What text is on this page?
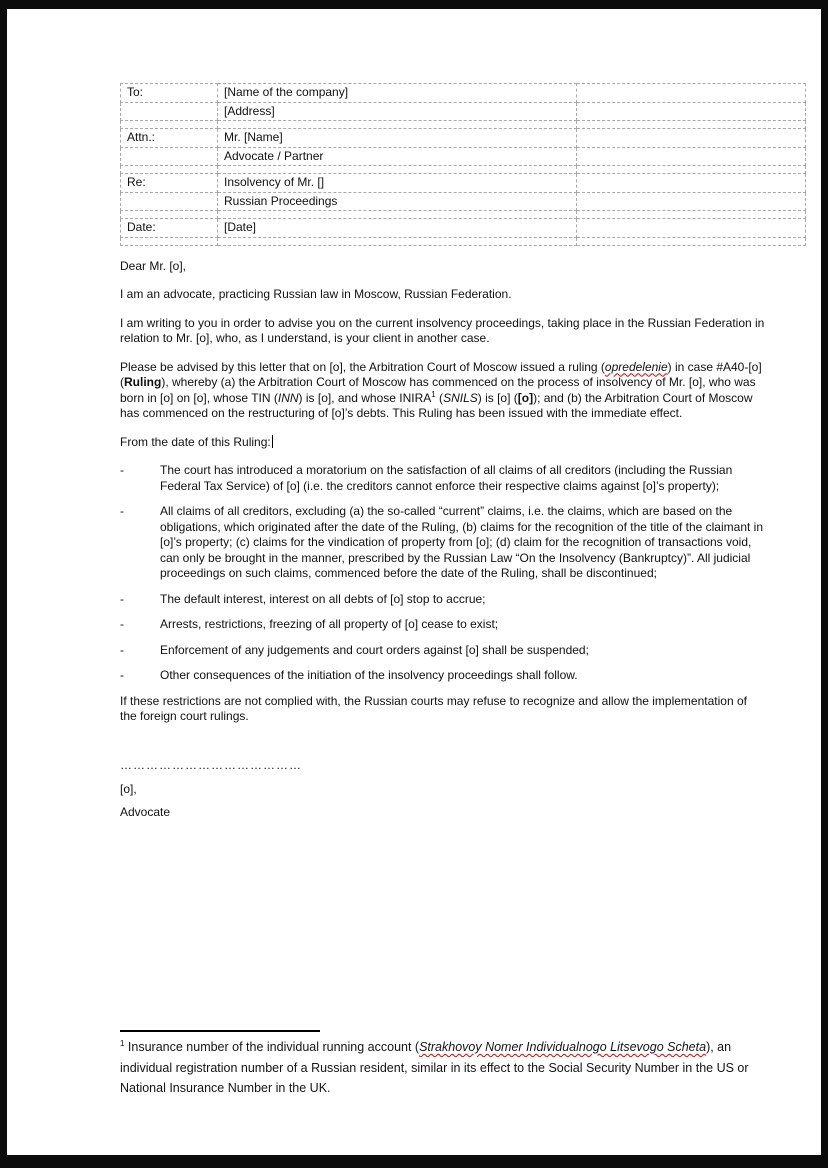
To:	[Name of the company]	
	[Address]	

Attn.:	Mr. [Name]	
	Advocate / Partner	

Re:	Insolvency of Mr. []	
	Russian Proceedings	

Date:	[Date]	

Dear Mr. [o],

I am an advocate, practicing Russian law in Moscow, Russian Federation.

I am writing to you in order to advise you on the current insolvency proceedings, taking place in the Russian Federation in relation to Mr. [o], who, as I understand, is your client in another case.

Please be advised by this letter that on [o], the Arbitration Court of Moscow issued a ruling (opredelenie) in case #A40-[o] (Ruling), whereby (a) the Arbitration Court of Moscow has commenced on the process of insolvency of Mr. [o], who was born in [o] on [o], whose TIN (INN) is [o], and whose INIRA$^1$ (SNILS) is [o] ([o]); and (b) the Arbitration Court of Moscow has commenced on the restructuring of [o]’s debts. This Ruling has been issued with the immediate effect.

From the date of this Ruling:

-	The court has introduced a moratorium on the satisfaction of all claims of all creditors (including the Russian Federal Tax Service) of [o] (i.e. the creditors cannot enforce their respective claims against [o]’s property);
-	All claims of all creditors, excluding (a) the so-called “current” claims, i.e. the claims, which are based on the obligations, which originated after the date of the Ruling, (b) claims for the recognition of the title of the claimant in [o]’s property; (c) claims for the vindication of property from [o]; (d) claim for the recognition of transactions void, can only be brought in the manner, prescribed by the Russian Law “On the Insolvency (Bankruptcy)”. All judicial proceedings on such claims, commenced before the date of the Ruling, shall be discontinued;
-	The default interest, interest on all debts of [o] stop to accrue;
-	Arrests, restrictions, freezing of all property of [o] cease to exist;
-	Enforcement of any judgements and court orders against [o] shall be suspended;
-	Other consequences of the initiation of the insolvency proceedings shall follow.

If these restrictions are not complied with, the Russian courts may refuse to recognize and allow the implementation of the foreign court rulings.

……………………………………

[o],

Advocate

$^1$ Insurance number of the individual running account (Strakhovoy Nomer Individualnogo Litsevogo Scheta), an individual registration number of a Russian resident, similar in its effect to the Social Security Number in the US or National Insurance Number in the UK.
